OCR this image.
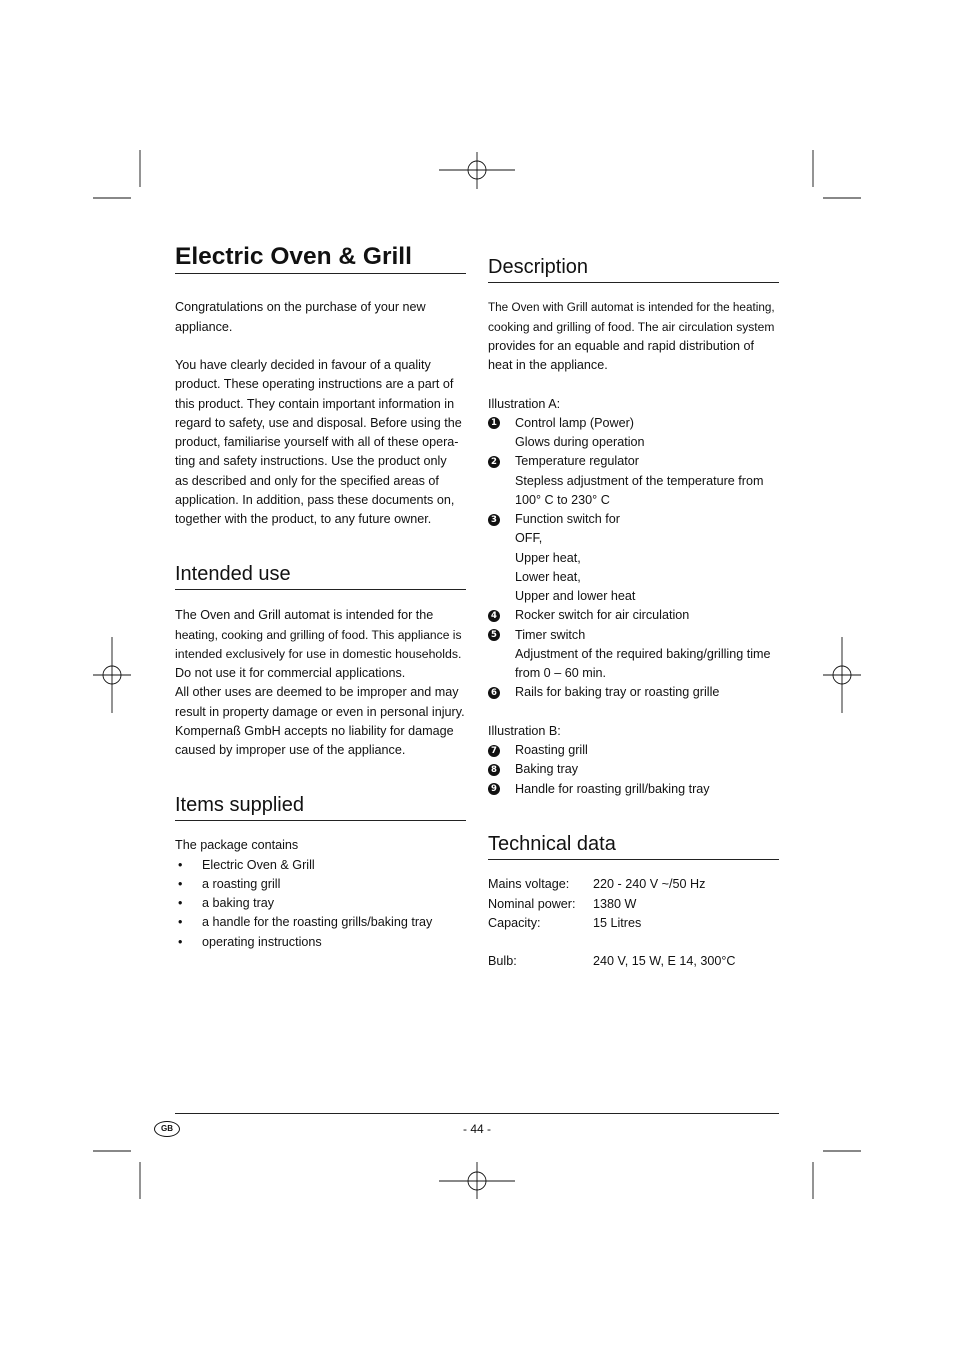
Electric Oven & Grill
Congratulations on the purchase of your new
appliance.
You have clearly decided in favour of a quality
product. These operating instructions are a part of
this product. They contain important information in
regard to safety, use and disposal. Before using the
product, familiarise yourself with all of these opera-
ting and safety instructions. Use the product only
as described and only for the specified areas of
application. In addition, pass these documents on,
together with the product, to any future owner.
Intended use
The Oven and Grill automat is intended for the
heating, cooking and grilling of food. This appliance is
intended exclusively for use in domestic households.
Do not use it for commercial applications.
All other uses are deemed to be improper and may
result in property damage or even in personal injury.
Kompernaß GmbH accepts no liability for damage
caused by improper use of the appliance.
Items supplied
The package contains
• Electric Oven & Grill
• a roasting grill
• a baking tray
• a handle for the roasting grills/baking tray
• operating instructions
Description
The Oven with Grill automat is intended for the heating,
cooking and grilling of food. The air circulation system
provides for an equable and rapid distribution of
heat in the appliance.
Illustration A:
1 Control lamp (Power)
Glows during operation
2 Temperature regulator
Stepless adjustment of the temperature from
100° C to 230° C
3 Function switch for
OFF,
Upper heat,
Lower heat,
Upper and lower heat
4 Rocker switch for air circulation
5 Timer switch
Adjustment of the required baking/grilling time
from 0 – 60 min.
6 Rails for baking tray or roasting grille
Illustration B:
7 Roasting grill
8 Baking tray
9 Handle for roasting grill/baking tray
Technical data
Mains voltage:	220 - 240 V ~/50 Hz
Nominal power:	1380 W
Capacity:	15 Litres
Bulb:	240 V, 15 W, E 14, 300°C
GB	- 44 -
